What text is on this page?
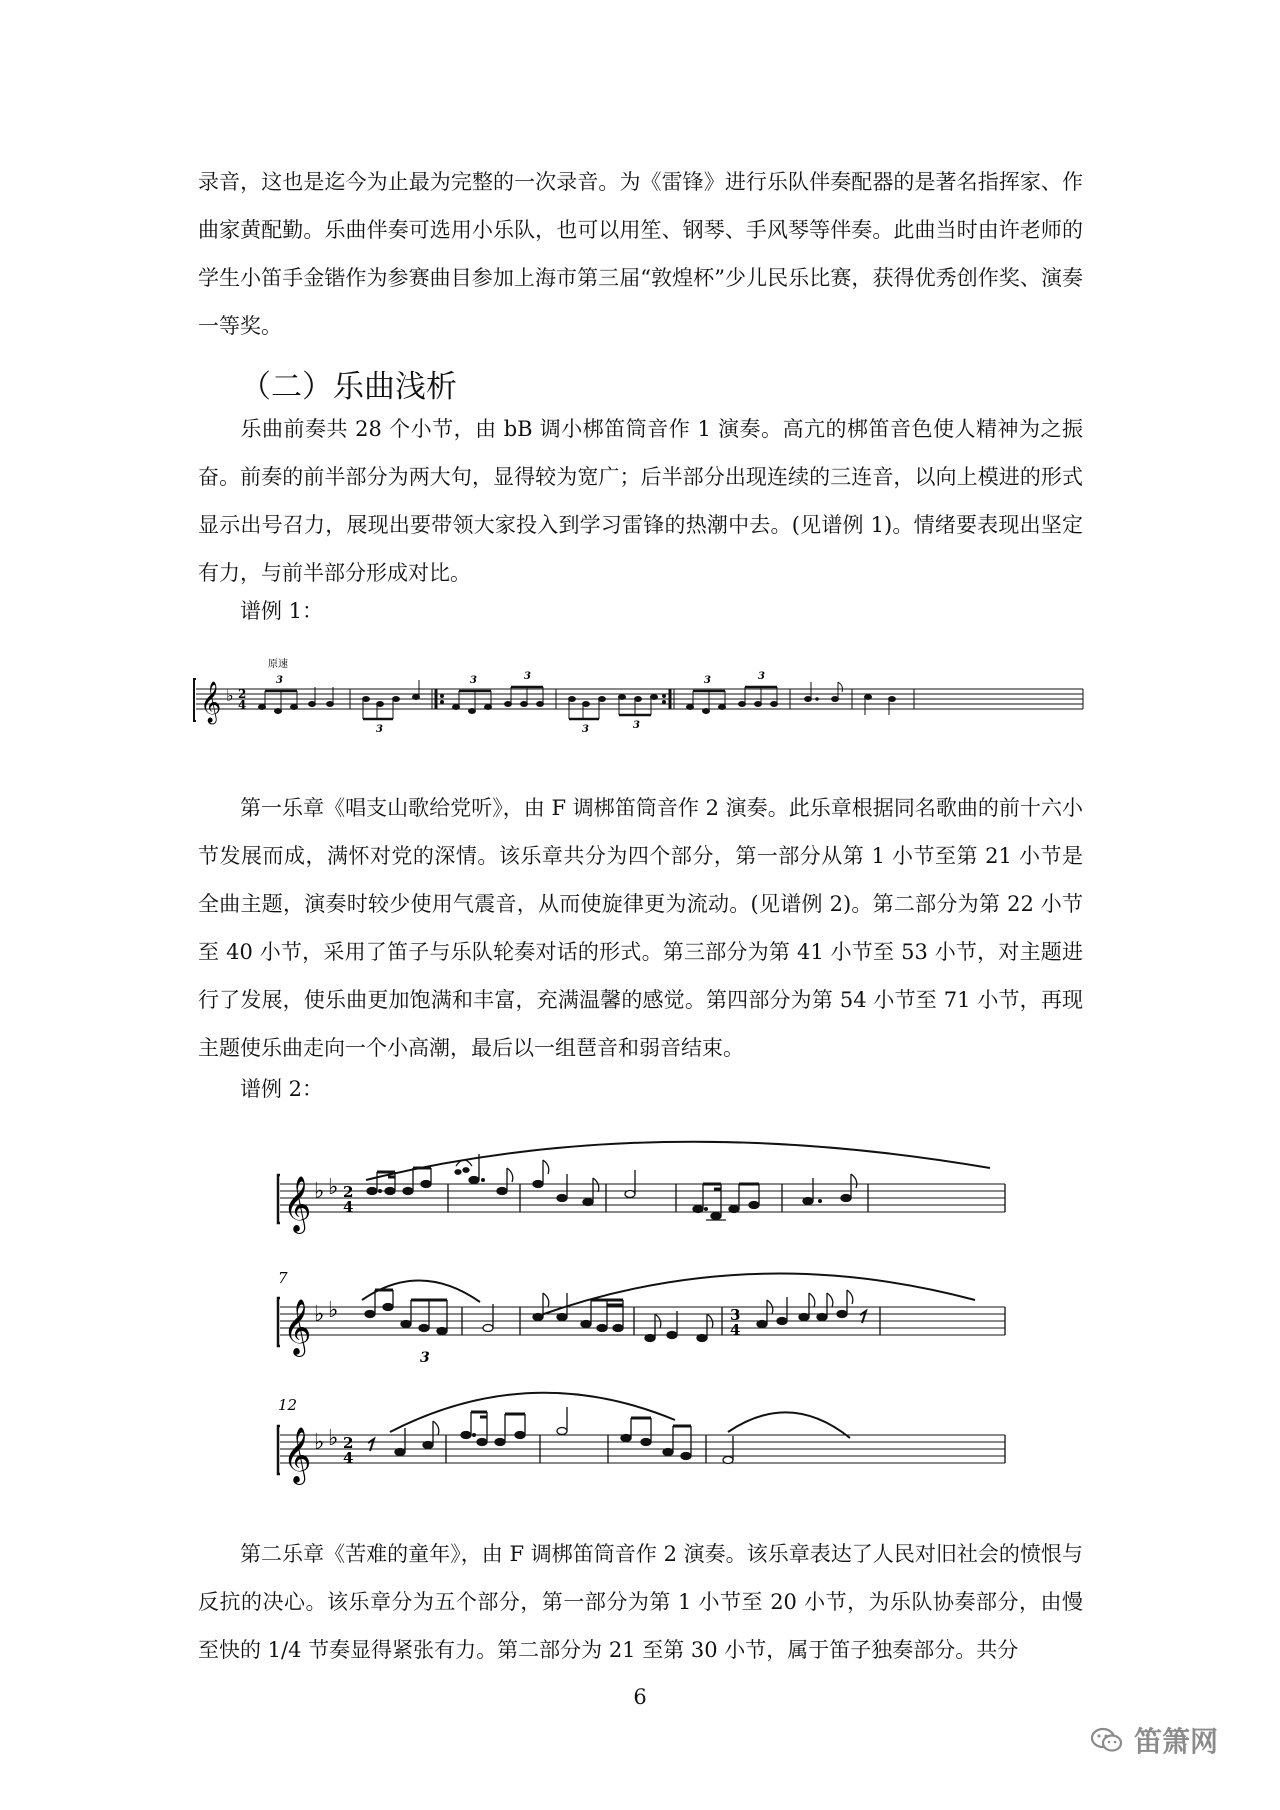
录音，这也是迄今为止最为完整的一次录音。为《雷锋》进行乐队伴奏配器的是著名指挥家、作曲家黄配勤。乐曲伴奏可选用小乐队，也可以用笙、钢琴、手风琴等伴奏。此曲当时由许老师的学生小笛手金锴作为参赛曲目参加上海市第三届“敦煌杯”少儿民乐比赛，获得优秀创作奖、演奏一等奖。

（二）乐曲浅析

乐曲前奏共 28 个小节，由 bB 调小梆笛筒音作 1 演奏。高亢的梆笛音色使人精神为之振奋。前奏的前半部分为两大句，显得较为宽广；后半部分出现连续的三连音，以向上模进的形式显示出号召力，展现出要带领大家投入到学习雷锋的热潮中去。(见谱例 1)。情绪要表现出坚定有力，与前半部分形成对比。

谱例 1：

原速
𝄞 ♭ 2
4
3
3
3	3
3	3
3	3

第一乐章《唱支山歌给党听》，由 F 调梆笛筒音作 2 演奏。此乐章根据同名歌曲的前十六小节发展而成，满怀对党的深情。该乐章共分为四个部分，第一部分从第 1 小节至第 21 小节是全曲主题，演奏时较少使用气震音，从而使旋律更为流动。(见谱例 2)。第二部分为第 22 小节至 40 小节，采用了笛子与乐队轮奏对话的形式。第三部分为第 41 小节至 53 小节，对主题进行了发展，使乐曲更加饱满和丰富，充满温馨的感觉。第四部分为第 54 小节至 71 小节，再现主题使乐曲走向一个小高潮，最后以一组琶音和弱音结束。

谱例 2：

𝄞 ♭ ♭ 2
4
7
𝄞 ♭ ♭	3
4
3
12
𝄞 ♭ ♭ 2
4

第二乐章《苦难的童年》，由 F 调梆笛筒音作 2 演奏。该乐章表达了人民对旧社会的愤恨与反抗的决心。该乐章分为五个部分，第一部分为第 1 小节至 20 小节，为乐队协奏部分，由慢至快的 1/4 节奏显得紧张有力。第二部分为 21 至第 30 小节，属于笛子独奏部分。共分

6
笛箫网
